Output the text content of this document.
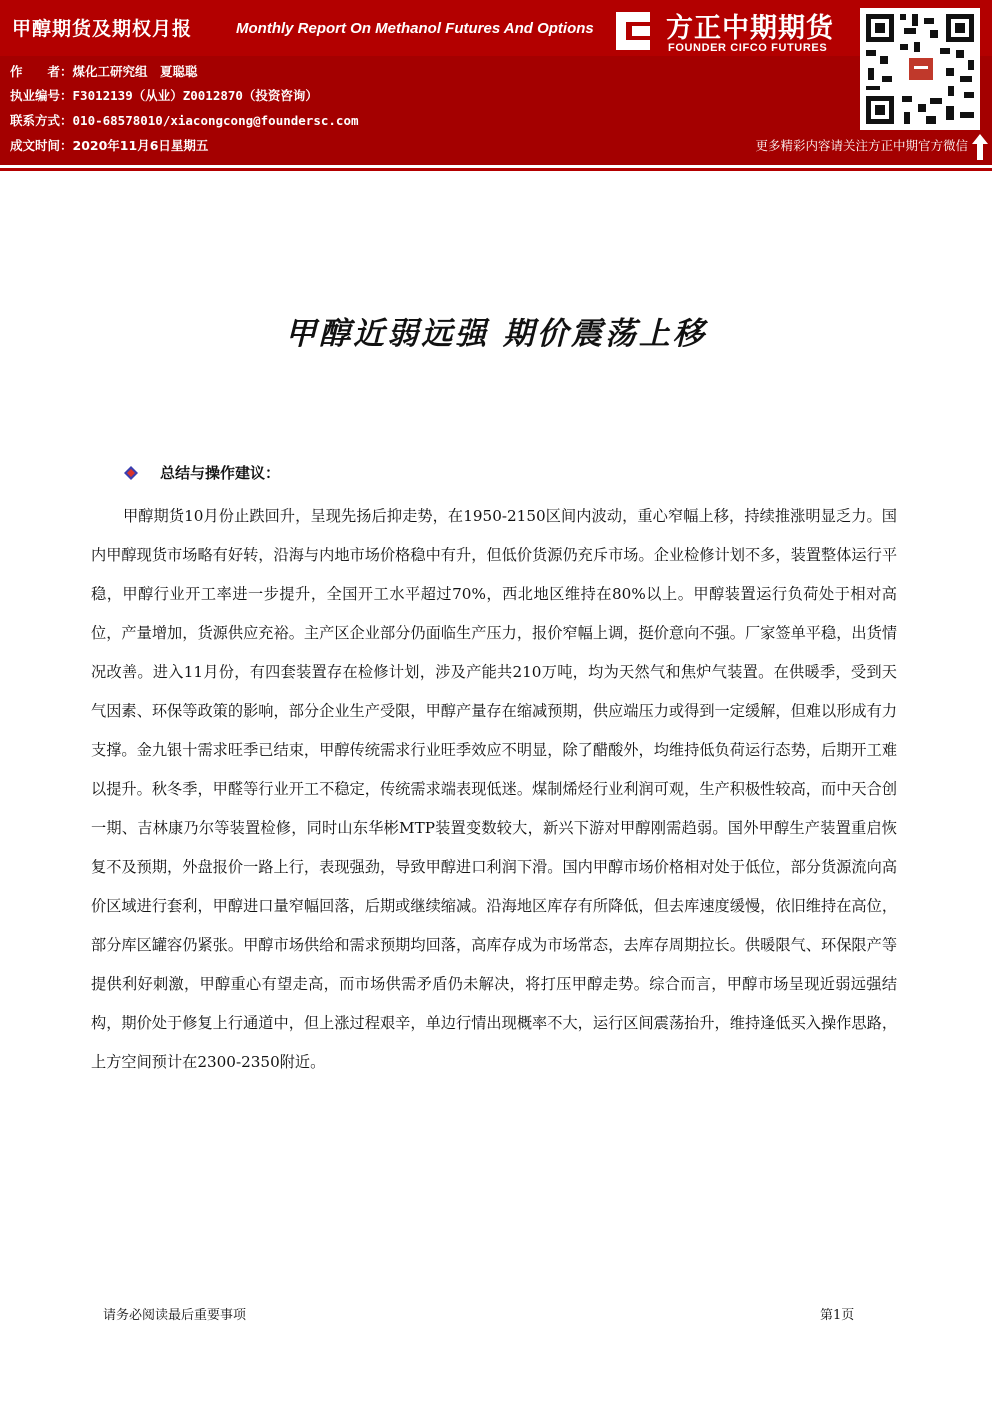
甲醇期货及期权月报	Monthly Report On Methanol Futures And Options	方正中期期货
FOUNDER CIFCO FUTURES
作　　者：煤化工研究组　夏聪聪
执业编号：F3012139（从业）Z0012870（投资咨询）
联系方式：010-68578010/xiacongcong@foundersc.com
成文时间：2020年11月6日星期五	更多精彩内容请关注方正中期官方微信
甲醇近弱远强 期价震荡上移
总结与操作建议：
甲醇期货10月份止跌回升，呈现先扬后抑走势，在1950-2150区间内波动，重心窄幅上移，持续推涨明显乏力。国内甲醇现货市场略有好转，沿海与内地市场价格稳中有升，但低价货源仍充斥市场。企业检修计划不多，装置整体运行平稳，甲醇行业开工率进一步提升，全国开工水平超过70%，西北地区维持在80%以上。甲醇装置运行负荷处于相对高位，产量增加，货源供应充裕。主产区企业部分仍面临生产压力，报价窄幅上调，挺价意向不强。厂家签单平稳，出货情况改善。进入11月份，有四套装置存在检修计划，涉及产能共210万吨，均为天然气和焦炉气装置。在供暖季，受到天气因素、环保等政策的影响，部分企业生产受限，甲醇产量存在缩减预期，供应端压力或得到一定缓解，但难以形成有力支撑。金九银十需求旺季已结束，甲醇传统需求行业旺季效应不明显，除了醋酸外，均维持低负荷运行态势，后期开工难以提升。秋冬季，甲醛等行业开工不稳定，传统需求端表现低迷。煤制烯烃行业利润可观，生产积极性较高，而中天合创一期、吉林康乃尔等装置检修，同时山东华彬MTP装置变数较大，新兴下游对甲醇刚需趋弱。国外甲醇生产装置重启恢复不及预期，外盘报价一路上行，表现强劲，导致甲醇进口利润下滑。国内甲醇市场价格相对处于低位，部分货源流向高价区域进行套利，甲醇进口量窄幅回落，后期或继续缩减。沿海地区库存有所降低，但去库速度缓慢，依旧维持在高位，部分库区罐容仍紧张。甲醇市场供给和需求预期均回落，高库存成为市场常态，去库存周期拉长。供暖限气、环保限产等提供利好刺激，甲醇重心有望走高，而市场供需矛盾仍未解决，将打压甲醇走势。综合而言，甲醇市场呈现近弱远强结构，期价处于修复上行通道中，但上涨过程艰辛，单边行情出现概率不大，运行区间震荡抬升，维持逢低买入操作思路，上方空间预计在2300-2350附近。
请务必阅读最后重要事项	第1页
